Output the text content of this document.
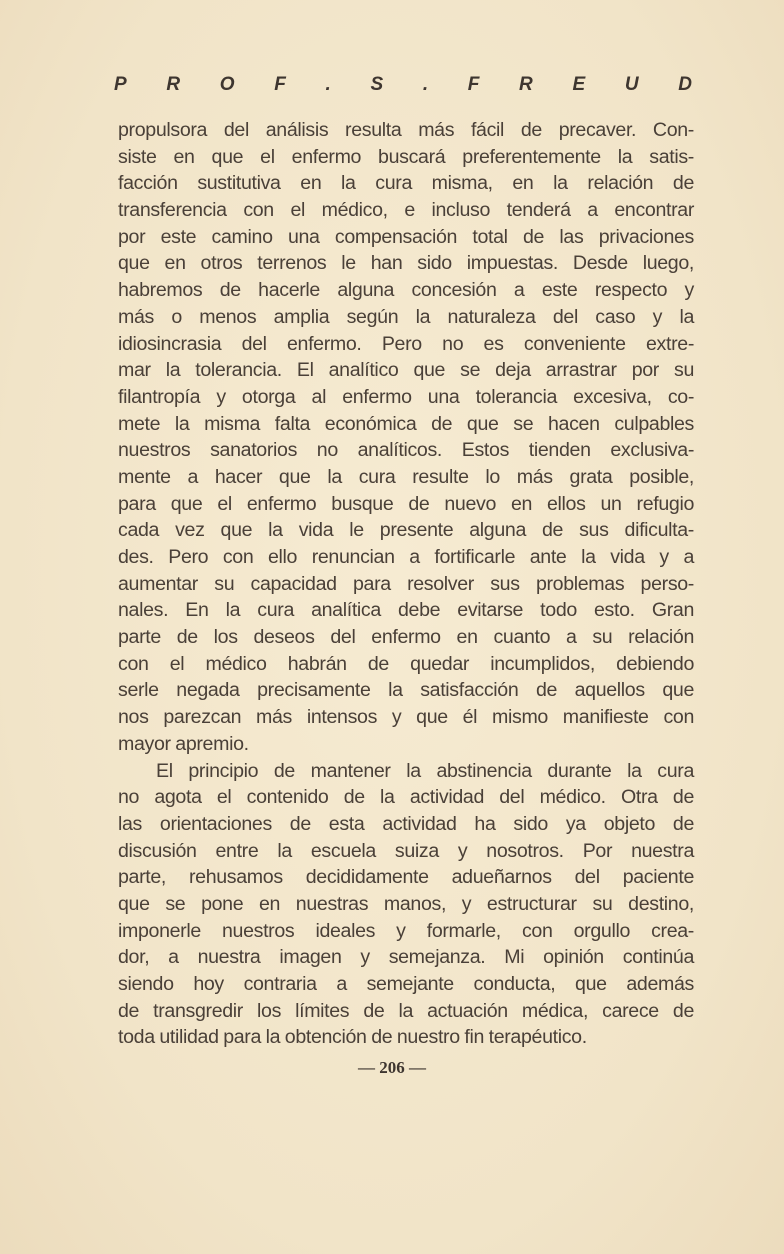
P R O F . S . F R E U D
propulsora del análisis resulta más fácil de precaver. Con-
siste en que el enfermo buscará preferentemente la satis-
facción sustitutiva en la cura misma, en la relación de
transferencia con el médico, e incluso tenderá a encontrar
por este camino una compensación total de las privaciones
que en otros terrenos le han sido impuestas. Desde luego,
habremos de hacerle alguna concesión a este respecto y
más o menos amplia según la naturaleza del caso y la
idiosincrasia del enfermo. Pero no es conveniente extre-
mar la tolerancia. El analítico que se deja arrastrar por su
filantropía y otorga al enfermo una tolerancia excesiva, co-
mete la misma falta económica de que se hacen culpables
nuestros sanatorios no analíticos. Estos tienden exclusiva-
mente a hacer que la cura resulte lo más grata posible,
para que el enfermo busque de nuevo en ellos un refugio
cada vez que la vida le presente alguna de sus dificulta-
des. Pero con ello renuncian a fortificarle ante la vida y a
aumentar su capacidad para resolver sus problemas perso-
nales. En la cura analítica debe evitarse todo esto. Gran
parte de los deseos del enfermo en cuanto a su relación
con el médico habrán de quedar incumplidos, debiendo
serle negada precisamente la satisfacción de aquellos que
nos parezcan más intensos y que él mismo manifieste con
mayor apremio.
El principio de mantener la abstinencia durante la cura
no agota el contenido de la actividad del médico. Otra de
las orientaciones de esta actividad ha sido ya objeto de
discusión entre la escuela suiza y nosotros. Por nuestra
parte, rehusamos decididamente adueñarnos del paciente
que se pone en nuestras manos, y estructurar su destino,
imponerle nuestros ideales y formarle, con orgullo crea-
dor, a nuestra imagen y semejanza. Mi opinión continúa
siendo hoy contraria a semejante conducta, que además
de transgredir los límites de la actuación médica, carece de
toda utilidad para la obtención de nuestro fin terapéutico.
— 206 —
